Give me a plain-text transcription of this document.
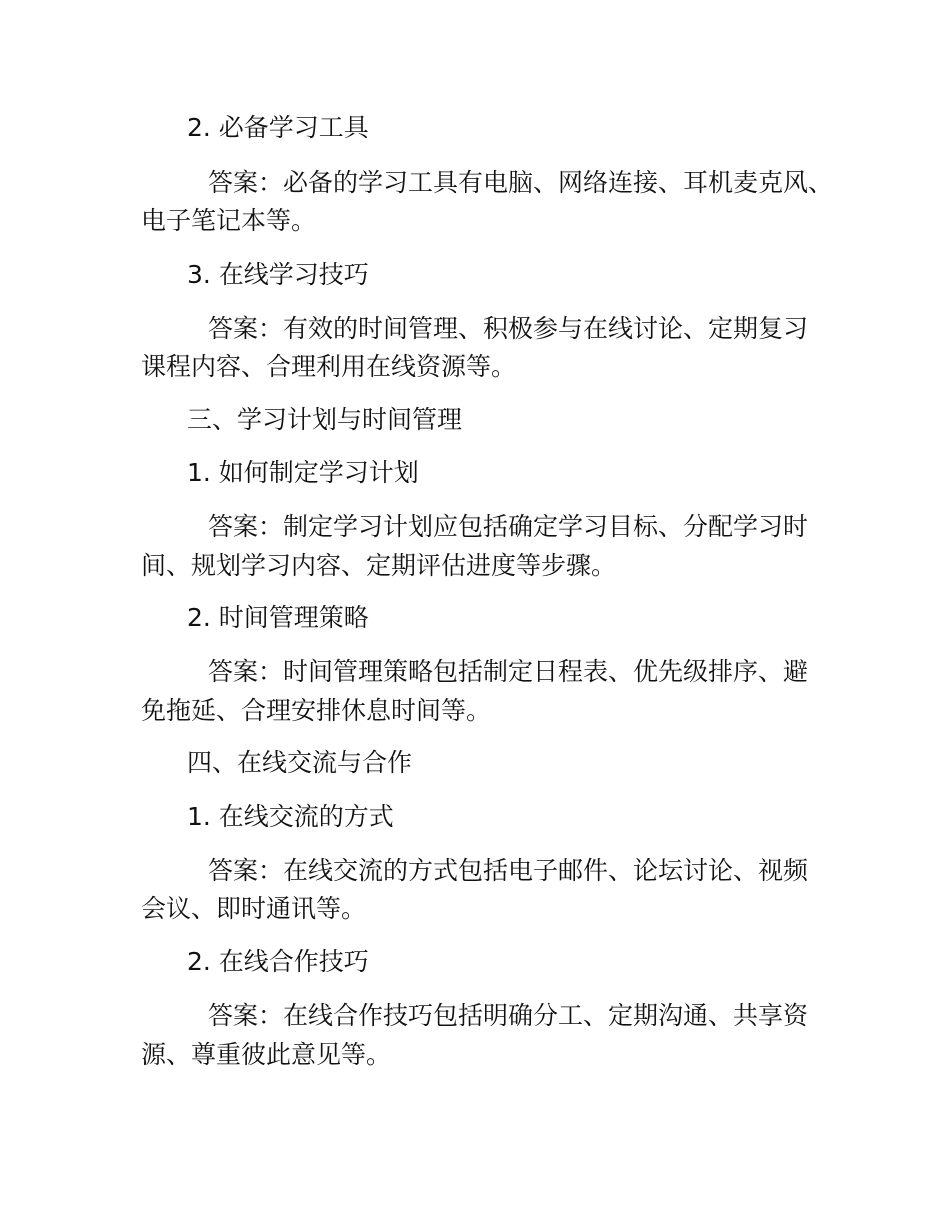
2. 必备学习工具
答案：必备的学习工具有电脑、网络连接、耳机麦克风、
电子笔记本等。
3. 在线学习技巧
答案：有效的时间管理、积极参与在线讨论、定期复习
课程内容、合理利用在线资源等。
三、学习计划与时间管理
1. 如何制定学习计划
答案：制定学习计划应包括确定学习目标、分配学习时
间、规划学习内容、定期评估进度等步骤。
2. 时间管理策略
答案：时间管理策略包括制定日程表、优先级排序、避
免拖延、合理安排休息时间等。
四、在线交流与合作
1. 在线交流的方式
答案：在线交流的方式包括电子邮件、论坛讨论、视频
会议、即时通讯等。
2. 在线合作技巧
答案：在线合作技巧包括明确分工、定期沟通、共享资
源、尊重彼此意见等。
